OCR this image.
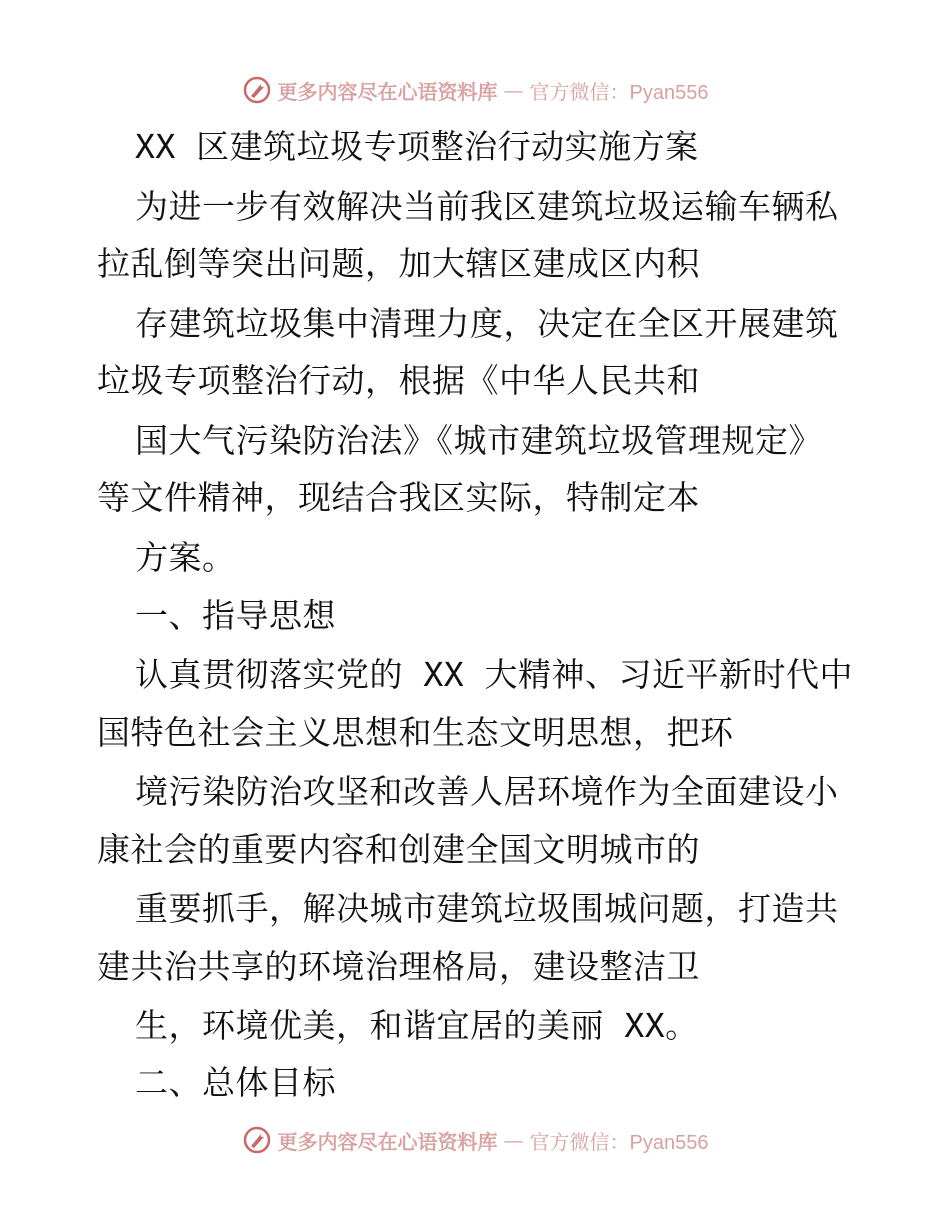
更多内容尽在心语资料库 — 官方微信：Pyan556
XX 区建筑垃圾专项整治行动实施方案
为进一步有效解决当前我区建筑垃圾运输车辆私
拉乱倒等突出问题，加大辖区建成区内积
存建筑垃圾集中清理力度，决定在全区开展建筑
垃圾专项整治行动，根据《中华人民共和
国大气污染防治法》《城市建筑垃圾管理规定》
等文件精神，现结合我区实际，特制定本
方案。
一、指导思想
认真贯彻落实党的 XX 大精神、习近平新时代中
国特色社会主义思想和生态文明思想，把环
境污染防治攻坚和改善人居环境作为全面建设小
康社会的重要内容和创建全国文明城市的
重要抓手，解决城市建筑垃圾围城问题，打造共
建共治共享的环境治理格局，建设整洁卫
生，环境优美，和谐宜居的美丽 XX。
二、总体目标
更多内容尽在心语资料库 — 官方微信：Pyan556
